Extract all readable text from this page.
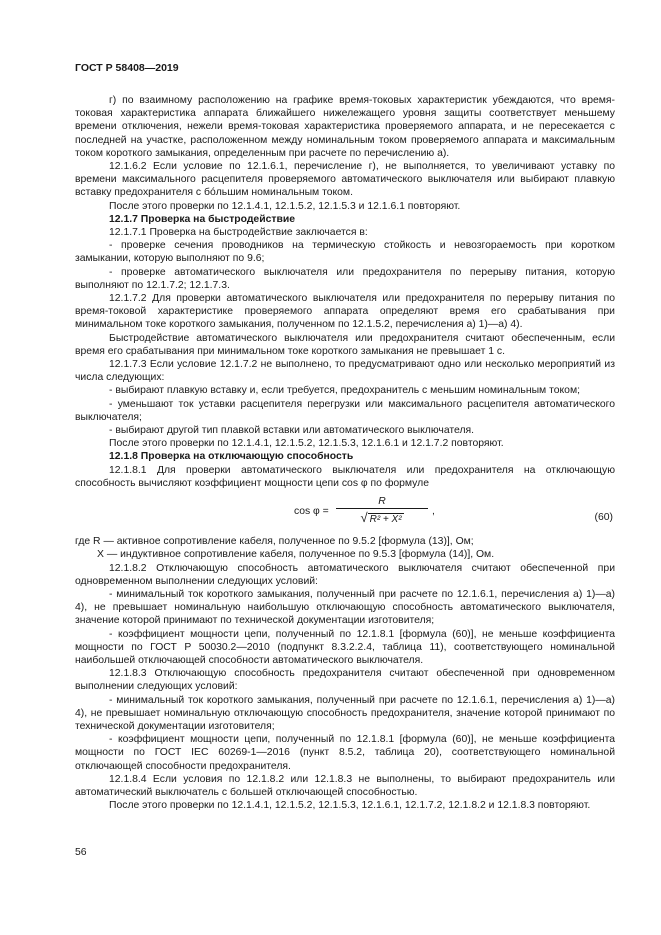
ГОСТ Р 58408—2019

г) по взаимному расположению на графике время-токовых характеристик убеждаются, что время-токовая характеристика аппарата ближайшего нижележащего уровня защиты соответствует меньшему времени отключения, нежели время-токовая характеристика проверяемого аппарата, и не пересекается с последней на участке, расположенном между номинальным током проверяемого аппарата и максимальным током короткого замыкания, определенным при расчете по перечислению а).

12.1.6.2 Если условие по 12.1.6.1, перечисление г), не выполняется, то увеличивают уставку по времени максимального расцепителя проверяемого автоматического выключателя или выбирают плавкую вставку предохранителя с бо́льшим номинальным током.

После этого проверки по 12.1.4.1, 12.1.5.2, 12.1.5.3 и 12.1.6.1 повторяют.

12.1.7 Проверка на быстродействие

12.1.7.1 Проверка на быстродействие заключается в:

- проверке сечения проводников на термическую стойкость и невозгораемость при коротком замыкании, которую выполняют по 9.6;

- проверке автоматического выключателя или предохранителя по перерыву питания, которую выполняют по 12.1.7.2; 12.1.7.3.

12.1.7.2 Для проверки автоматического выключателя или предохранителя по перерыву питания по время-токовой характеристике проверяемого аппарата определяют время его срабатывания при минимальном токе короткого замыкания, полученном по 12.1.5.2, перечисления а) 1)—а) 4).

Быстродействие автоматического выключателя или предохранителя считают обеспеченным, если время его срабатывания при минимальном токе короткого замыкания не превышает 1 с.

12.1.7.3 Если условие 12.1.7.2 не выполнено, то предусматривают одно или несколько мероприятий из числа следующих:

- выбирают плавкую вставку и, если требуется, предохранитель с меньшим номинальным током;

- уменьшают ток уставки расцепителя перегрузки или максимального расцепителя автоматического выключателя;

- выбирают другой тип плавкой вставки или автоматического выключателя.

После этого проверки по 12.1.4.1, 12.1.5.2, 12.1.5.3, 12.1.6.1 и 12.1.7.2 повторяют.

12.1.8 Проверка на отключающую способность

12.1.8.1 Для проверки автоматического выключателя или предохранителя на отключающую способность вычисляют коэффициент мощности цепи cos φ по формуле

cos φ =
R
√ R² + X²
,
(60)

где R — активное сопротивление кабеля, полученное по 9.5.2 [формула (13)], Ом;

X — индуктивное сопротивление кабеля, полученное по 9.5.3 [формула (14)], Ом.

12.1.8.2 Отключающую способность автоматического выключателя считают обеспеченной при одновременном выполнении следующих условий:

- минимальный ток короткого замыкания, полученный при расчете по 12.1.6.1, перечисления а) 1)—а) 4), не превышает номинальную наибольшую отключающую способность автоматического выключателя, значение которой принимают по технической документации изготовителя;

- коэффициент мощности цепи, полученный по 12.1.8.1 [формула (60)], не меньше коэффициента мощности по ГОСТ Р 50030.2—2010 (подпункт 8.3.2.2.4, таблица 11), соответствующего номинальной наибольшей отключающей способности автоматического выключателя.

12.1.8.3 Отключающую способность предохранителя считают обеспеченной при одновременном выполнении следующих условий:

- минимальный ток короткого замыкания, полученный при расчете по 12.1.6.1, перечисления а) 1)—а) 4), не превышает номинальную отключающую способность предохранителя, значение которой принимают по технической документации изготовителя;

- коэффициент мощности цепи, полученный по 12.1.8.1 [формула (60)], не меньше коэффициента мощности по ГОСТ IEC 60269-1—2016 (пункт 8.5.2, таблица 20), соответствующего номинальной отключающей способности предохранителя.

12.1.8.4 Если условия по 12.1.8.2 или 12.1.8.3 не выполнены, то выбирают предохранитель или автоматический выключатель с большей отключающей способностью.

После этого проверки по 12.1.4.1, 12.1.5.2, 12.1.5.3, 12.1.6.1, 12.1.7.2, 12.1.8.2 и 12.1.8.3 повторяют.

56
